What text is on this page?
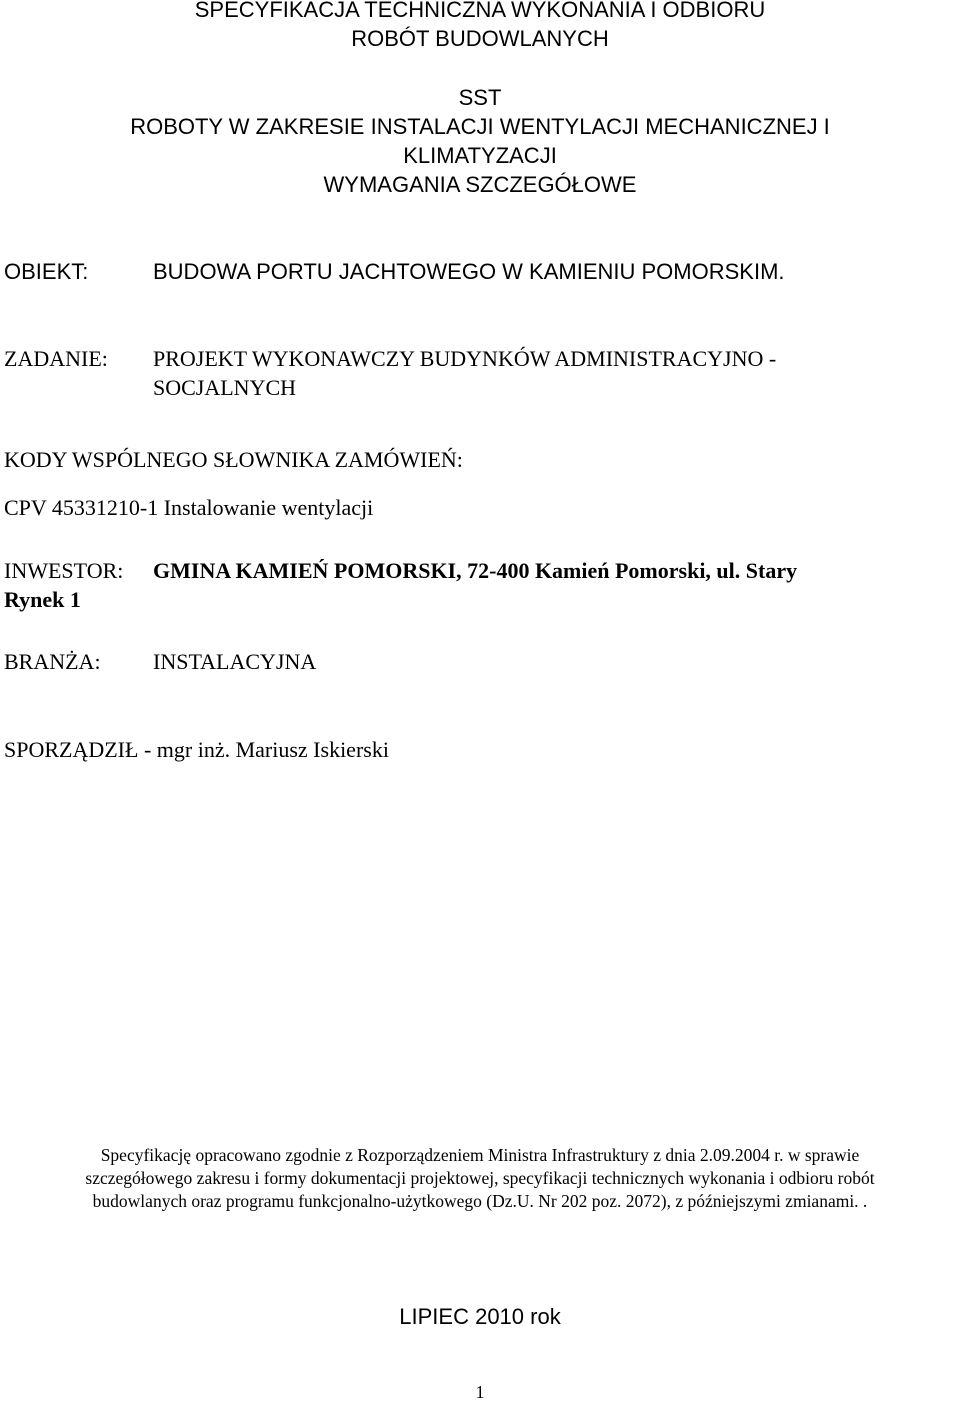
SPECYFIKACJA TECHNICZNA WYKONANIA I ODBIORU
ROBÓT BUDOWLANYCH
SST
ROBOTY W ZAKRESIE INSTALACJI WENTYLACJI MECHANICZNEJ I
KLIMATYZACJI
WYMAGANIA SZCZEGÓŁOWE
OBIEKT:	BUDOWA PORTU JACHTOWEGO W KAMIENIU POMORSKIM.
ZADANIE: PROJEKT WYKONAWCZY BUDYNKÓW ADMINISTRACYJNO -
SOCJALNYCH
KODY WSPÓLNEGO SŁOWNIKA ZAMÓWIEŃ:
CPV 45331210-1 Instalowanie wentylacji
INWESTOR: GMINA KAMIEŃ POMORSKI, 72-400 Kamień Pomorski, ul. Stary
Rynek 1
BRANŻA: INSTALACYJNA
SPORZĄDZIŁ - mgr inż. Mariusz Iskierski
Specyfikację opracowano zgodnie z Rozporządzeniem Ministra Infrastruktury z dnia 2.09.2004 r. w sprawie
szczegółowego zakresu i formy dokumentacji projektowej, specyfikacji technicznych wykonania i odbioru robót
budowlanych oraz programu funkcjonalno-użytkowego (Dz.U. Nr 202 poz. 2072), z późniejszymi zmianami. .
LIPIEC 2010 rok
1
